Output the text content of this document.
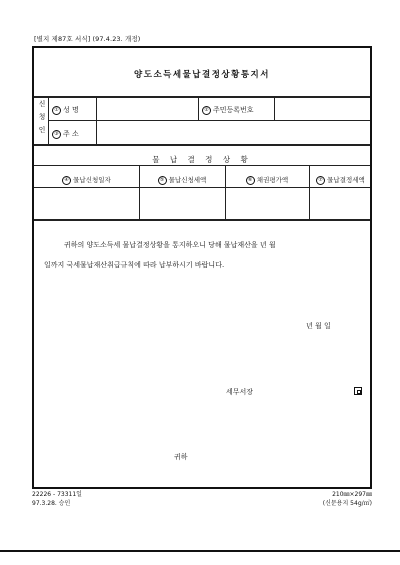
[별지 제87호 서식] (97.4.23. 개정)
양도소득세물납결정상황통지서
신
청
인
① 성 명	② 주민등록번호
③ 주 소
물 납 결 정 상 황
④ 물납신청일자	⑤ 물납신청세액	⑥ 채권평가액	⑦ 물납결정세액
귀하의 양도소득세 물납결정상황을 통지하오니 당해 물납재산을 년 월
일까지 국세물납재산취급규칙에 따라 납부하시기 바랍니다.
년 월 일
세무서장
귀하
22226 - 73311일
97.3.28. 승인
210㎜×297㎜
(신문용지 54g/㎡)
